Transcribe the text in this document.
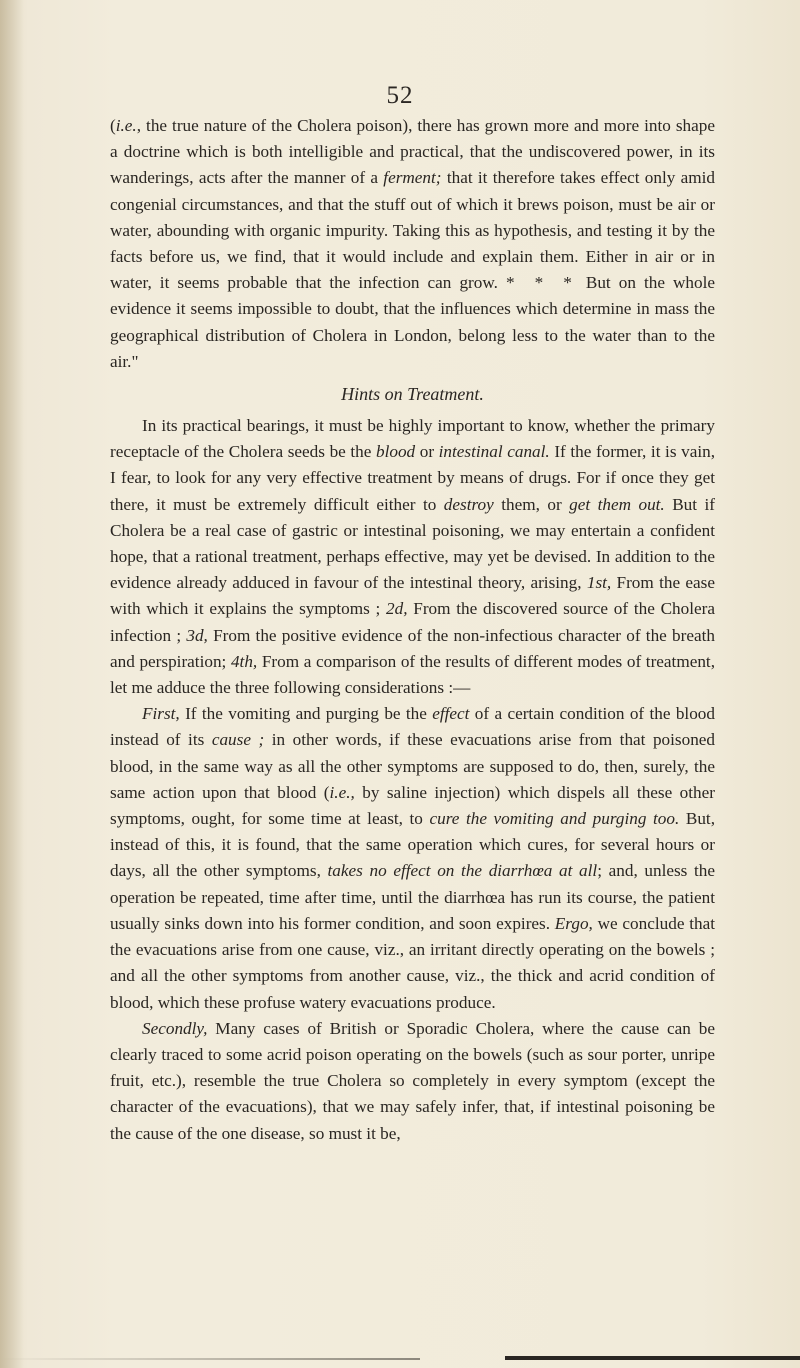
52

(i.e., the true nature of the Cholera poison), there has grown more and more into shape a doctrine which is both intelligible and practical, that the undiscovered power, in its wanderings, acts after the manner of a ferment; that it therefore takes effect only amid congenial circumstances, and that the stuff out of which it brews poison, must be air or water, abounding with organic impurity. Taking this as hypothesis, and testing it by the facts before us, we find, that it would include and explain them. Either in air or in water, it seems probable that the infection can grow. * * * But on the whole evidence it seems impossible to doubt, that the influences which determine in mass the geographical distribution of Cholera in London, belong less to the water than to the air."

Hints on Treatment.

In its practical bearings, it must be highly important to know, whether the primary receptacle of the Cholera seeds be the blood or intestinal canal. If the former, it is vain, I fear, to look for any very effective treatment by means of drugs. For if once they get there, it must be extremely difficult either to destroy them, or get them out. But if Cholera be a real case of gastric or intestinal poisoning, we may entertain a confident hope, that a rational treatment, perhaps effective, may yet be devised. In addition to the evidence already adduced in favour of the intestinal theory, arising, 1st, From the ease with which it explains the symptoms ; 2d, From the discovered source of the Cholera infection ; 3d, From the positive evidence of the non-infectious character of the breath and perspiration; 4th, From a comparison of the results of different modes of treatment, let me adduce the three following considerations :—

First, If the vomiting and purging be the effect of a certain condition of the blood instead of its cause ; in other words, if these evacuations arise from that poisoned blood, in the same way as all the other symptoms are supposed to do, then, surely, the same action upon that blood (i.e., by saline injection) which dispels all these other symptoms, ought, for some time at least, to cure the vomiting and purging too. But, instead of this, it is found, that the same operation which cures, for several hours or days, all the other symptoms, takes no effect on the diarrhœa at all; and, unless the operation be repeated, time after time, until the diarrhœa has run its course, the patient usually sinks down into his former condition, and soon expires. Ergo, we conclude that the evacuations arise from one cause, viz., an irritant directly operating on the bowels ; and all the other symptoms from another cause, viz., the thick and acrid condition of blood, which these profuse watery evacuations produce.

Secondly, Many cases of British or Sporadic Cholera, where the cause can be clearly traced to some acrid poison operating on the bowels (such as sour porter, unripe fruit, etc.), resemble the true Cholera so completely in every symptom (except the character of the evacuations), that we may safely infer, that, if intestinal poisoning be the cause of the one disease, so must it be,
